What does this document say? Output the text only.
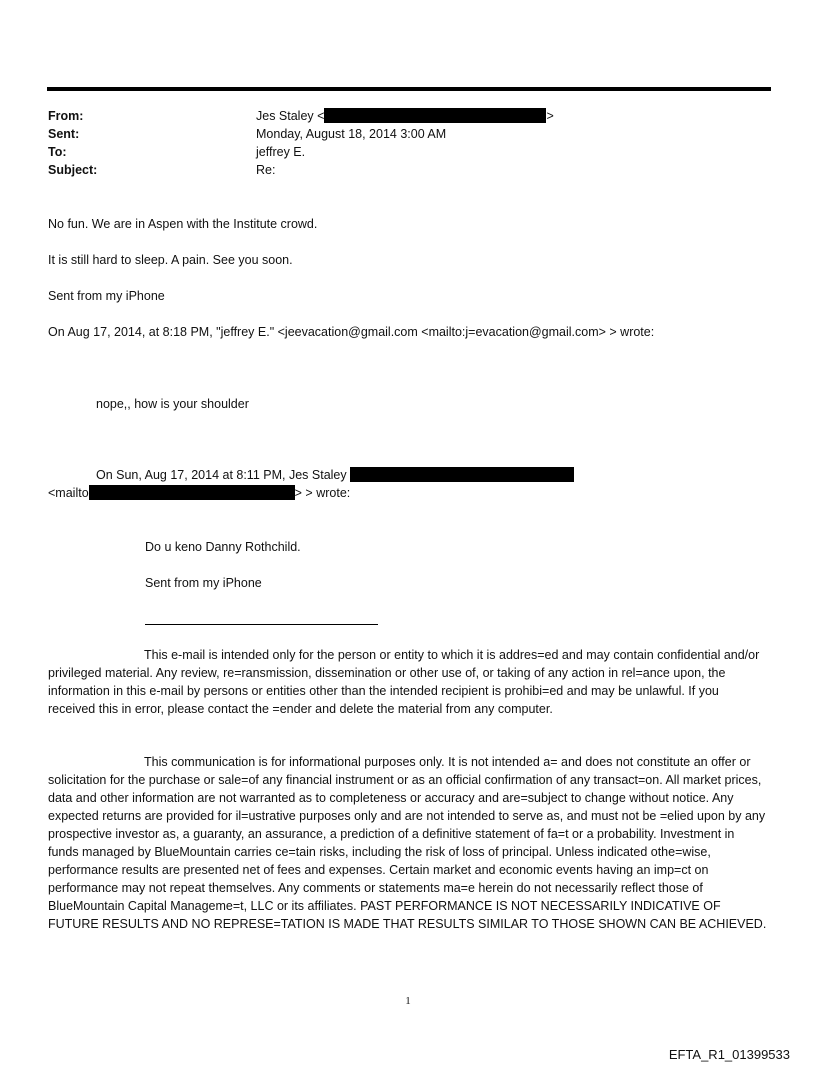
From:	Jes Staley <	>
Sent:	Monday, August 18, 2014 3:00 AM
To:	jeffrey E.
Subject:	Re:
No fun. We are in Aspen with the Institute crowd.
It is still hard to sleep. A pain. See you soon.
Sent from my iPhone
On Aug 17, 2014, at 8:18 PM, "jeffrey E." <jeevacation@gmail.com <mailto:j=evacation@gmail.com> > wrote:
nope,, how is your shoulder
On Sun, Aug 17, 2014 at 8:11 PM, Jes Staley
<mailto	> > wrote:
Do u keno Danny Rothchild.
Sent from my iPhone
This e-mail is intended only for the person or entity to which it is addres=ed and may contain confidential and/or privileged material. Any review, re=ransmission, dissemination or other use of, or taking of any action in rel=ance upon, the information in this e-mail by persons or entities other than the intended recipient is prohibi=ed and may be unlawful. If you received this in error, please contact the =ender and delete the material from any computer.
This communication is for informational purposes only. It is not intended a= and does not constitute an offer or solicitation for the purchase or sale=of any financial instrument or as an official confirmation of any transact=on. All market prices, data and other information are not warranted as to completeness or accuracy and are=subject to change without notice. Any expected returns are provided for il=ustrative purposes only and are not intended to serve as, and must not be =elied upon by any prospective investor as, a guaranty, an assurance, a prediction of a definitive statement of fa=t or a probability. Investment in funds managed by BlueMountain carries ce=tain risks, including the risk of loss of principal. Unless indicated othe=wise, performance results are presented net of fees and expenses. Certain market and economic events having an imp=ct on performance may not repeat themselves. Any comments or statements ma=e herein do not necessarily reflect those of BlueMountain Capital Manageme=t, LLC or its affiliates. PAST PERFORMANCE IS NOT NECESSARILY INDICATIVE OF FUTURE RESULTS AND NO REPRESE=TATION IS MADE THAT RESULTS SIMILAR TO THOSE SHOWN CAN BE ACHIEVED.
1
EFTA_R1_01399533
